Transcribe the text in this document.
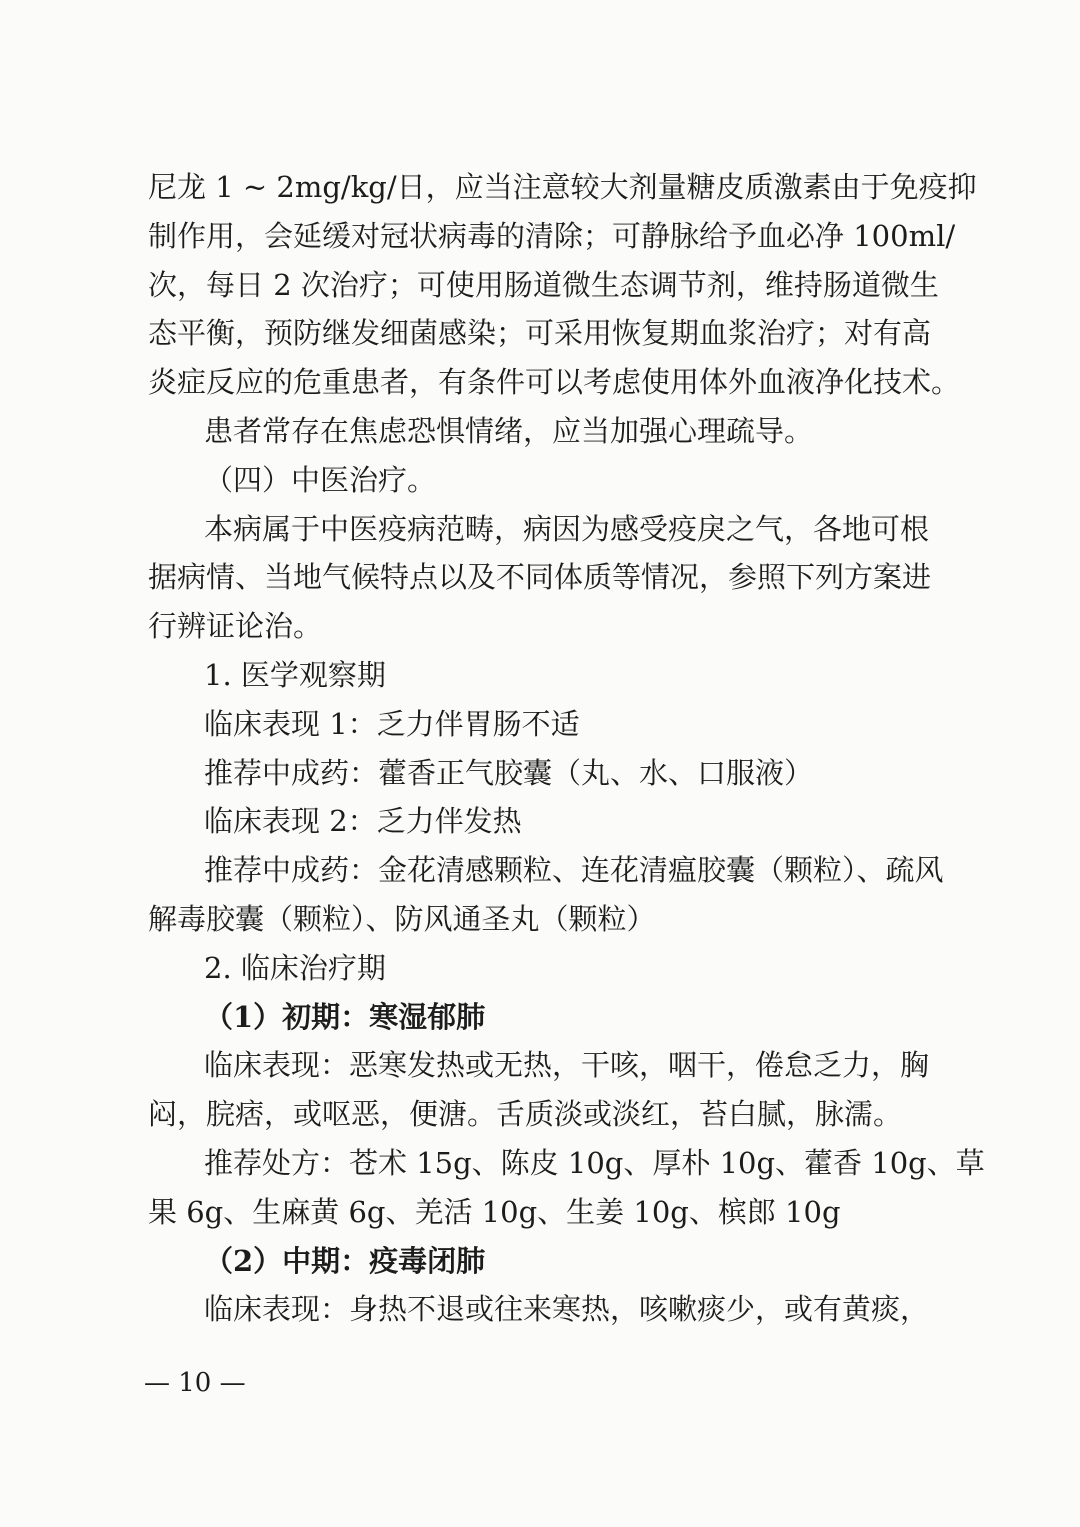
尼龙 1 ~ 2mg/kg/日，应当注意较大剂量糖皮质激素由于免疫抑
制作用，会延缓对冠状病毒的清除；可静脉给予血必净 100ml/
次，每日 2 次治疗；可使用肠道微生态调节剂，维持肠道微生
态平衡，预防继发细菌感染；可采用恢复期血浆治疗；对有高
炎症反应的危重患者，有条件可以考虑使用体外血液净化技术。
患者常存在焦虑恐惧情绪，应当加强心理疏导。
（四）中医治疗。
本病属于中医疫病范畴，病因为感受疫戾之气，各地可根
据病情、当地气候特点以及不同体质等情况，参照下列方案进
行辨证论治。
1. 医学观察期
临床表现 1：乏力伴胃肠不适
推荐中成药：藿香正气胶囊（丸、水、口服液）
临床表现 2：乏力伴发热
推荐中成药：金花清感颗粒、连花清瘟胶囊（颗粒）、疏风
解毒胶囊（颗粒）、防风通圣丸（颗粒）
2. 临床治疗期
（1）初期：寒湿郁肺
临床表现：恶寒发热或无热，干咳，咽干，倦怠乏力，胸
闷，脘痞，或呕恶，便溏。舌质淡或淡红，苔白腻，脉濡。
推荐处方：苍术 15g、陈皮 10g、厚朴 10g、藿香 10g、草
果 6g、生麻黄 6g、羌活 10g、生姜 10g、槟郎 10g
（2）中期：疫毒闭肺
临床表现：身热不退或往来寒热，咳嗽痰少，或有黄痰，
— 10 —
